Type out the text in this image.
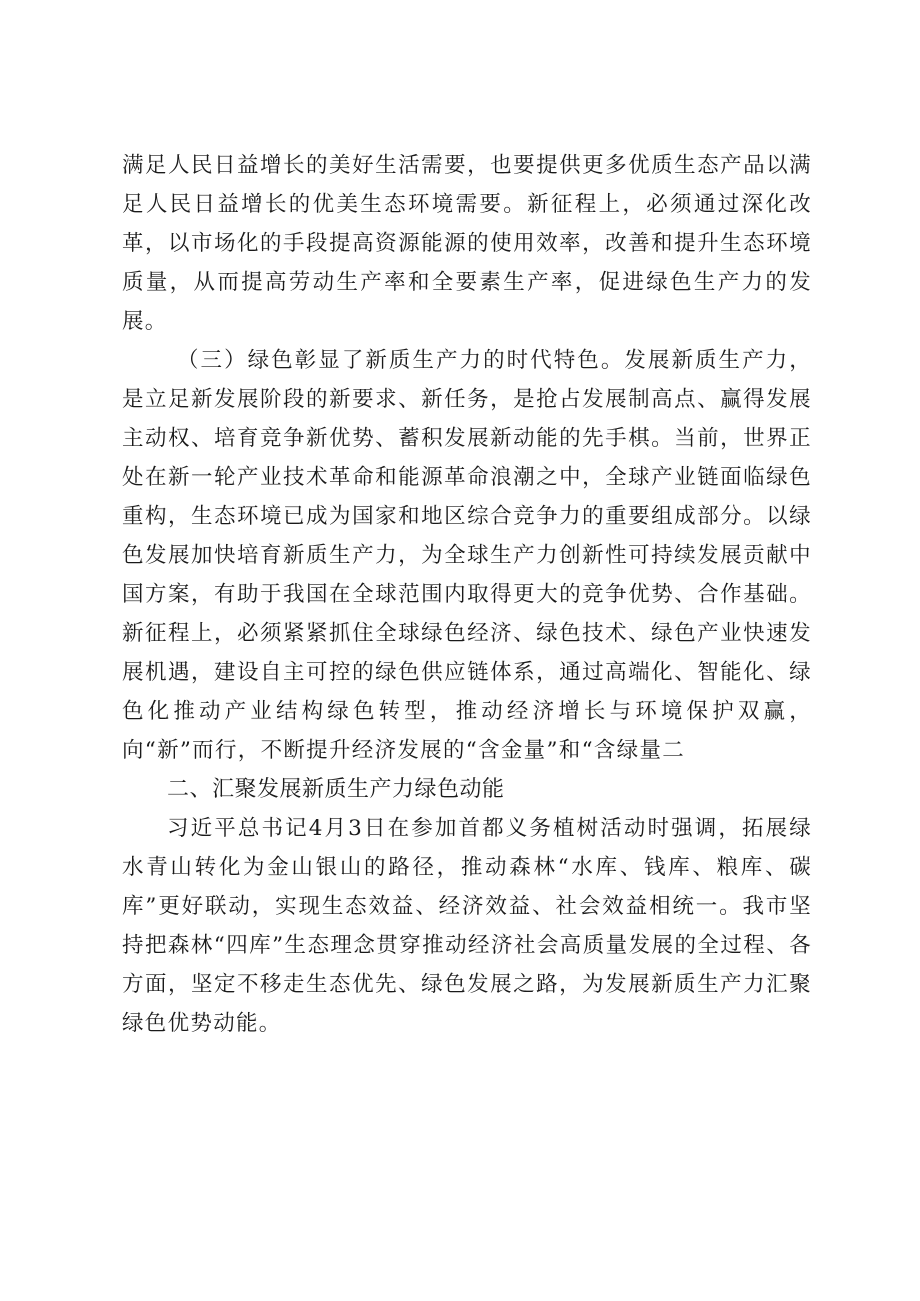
满足人民日益增长的美好生活需要，也要提供更多优质生态产品以满足人民日益增长的优美生态环境需要。新征程上，必须通过深化改革，以市场化的手段提高资源能源的使用效率，改善和提升生态环境质量，从而提高劳动生产率和全要素生产率，促进绿色生产力的发展。

（三）绿色彰显了新质生产力的时代特色。发展新质生产力，是立足新发展阶段的新要求、新任务，是抢占发展制高点、赢得发展主动权、培育竞争新优势、蓄积发展新动能的先手棋。当前，世界正处在新一轮产业技术革命和能源革命浪潮之中，全球产业链面临绿色重构，生态环境已成为国家和地区综合竞争力的重要组成部分。以绿色发展加快培育新质生产力，为全球生产力创新性可持续发展贡献中国方案，有助于我国在全球范围内取得更大的竞争优势、合作基础。新征程上，必须紧紧抓住全球绿色经济、绿色技术、绿色产业快速发展机遇，建设自主可控的绿色供应链体系，通过高端化、智能化、绿色化推动产业结构绿色转型，推动经济增长与环境保护双赢，向“新”而行，不断提升经济发展的“含金量”和“含绿量二

二、汇聚发展新质生产力绿色动能

习近平总书记4月3日在参加首都义务植树活动时强调，拓展绿水青山转化为金山银山的路径，推动森林“水库、钱库、粮库、碳库”更好联动，实现生态效益、经济效益、社会效益相统一。我市坚持把森林“四库”生态理念贯穿推动经济社会高质量发展的全过程、各方面，坚定不移走生态优先、绿色发展之路，为发展新质生产力汇聚绿色优势动能。
